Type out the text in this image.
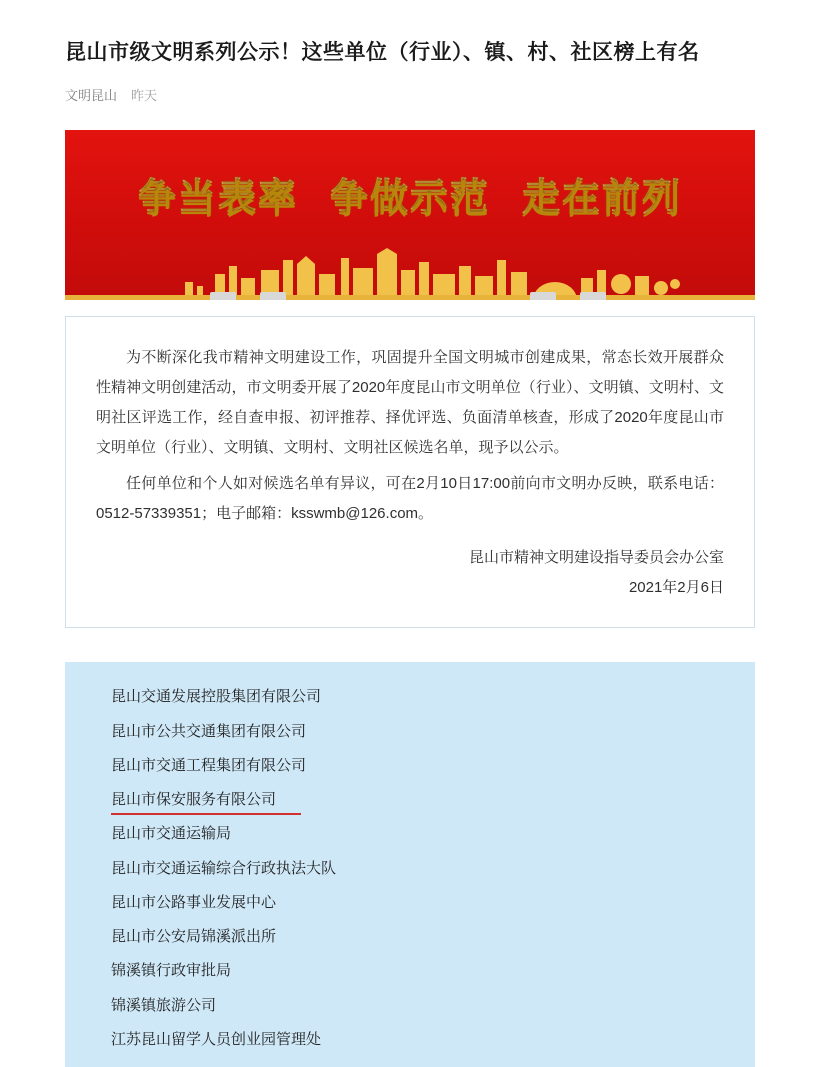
昆山市级文明系列公示！这些单位（行业）、镇、村、社区榜上有名
文明昆山 昨天
争当表率 争做示范 走在前列

为不断深化我市精神文明建设工作，巩固提升全国文明城市创建成果，常态长效开展群众性精神文明创建活动，市文明委开展了2020年度昆山市文明单位（行业）、文明镇、文明村、文明社区评选工作，经自查申报、初评推荐、择优评选、负面清单核查，形成了2020年度昆山市文明单位（行业）、文明镇、文明村、文明社区候选名单，现予以公示。

任何单位和个人如对候选名单有异议，可在2月10日17:00前向市文明办反映，联系电话：0512-57339351；电子邮箱：ksswmb@126.com。

昆山市精神文明建设指导委员会办公室
2021年2月6日
昆山交通发展控股集团有限公司
昆山市公共交通集团有限公司
昆山市交通工程集团有限公司
昆山市保安服务有限公司
昆山市交通运输局
昆山市交通运输综合行政执法大队
昆山市公路事业发展中心
昆山市公安局锦溪派出所
锦溪镇行政审批局
锦溪镇旅游公司
江苏昆山留学人员创业园管理处
